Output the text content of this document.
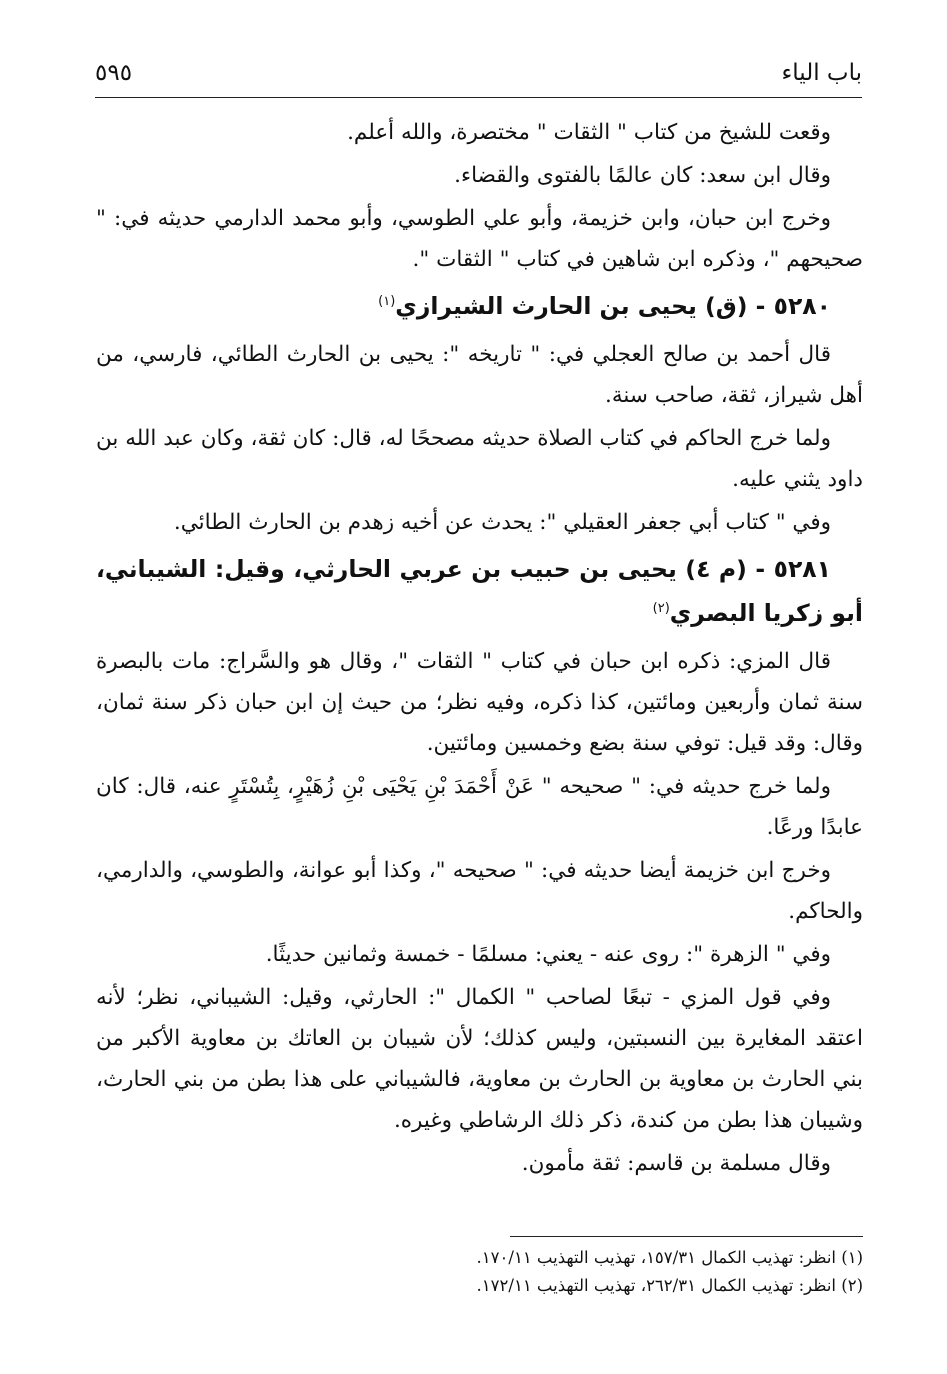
باب الياء
٥٩٥

وقعت للشيخ من كتاب " الثقات " مختصرة، والله أعلم.

وقال ابن سعد: كان عالمًا بالفتوى والقضاء.

وخرج ابن حبان، وابن خزيمة، وأبو علي الطوسي، وأبو محمد الدارمي حديثه في: " صحيحهم "، وذكره ابن شاهين في كتاب " الثقات ".

٥٢٨٠ - (ق) يحيى بن الحارث الشيرازي$^{(١)}$

قال أحمد بن صالح العجلي في: " تاريخه ": يحيى بن الحارث الطائي، فارسي، من أهل شيراز، ثقة، صاحب سنة.

ولما خرج الحاكم في كتاب الصلاة حديثه مصححًا له، قال: كان ثقة، وكان عبد الله بن داود يثني عليه.

وفي " كتاب أبي جعفر العقيلي ": يحدث عن أخيه زهدم بن الحارث الطائي.

٥٢٨١ - (م ٤) يحيى بن حبيب بن عربي الحارثي، وقيل: الشيباني، أبو زكريا البصري$^{(٢)}$

قال المزي: ذكره ابن حبان في كتاب " الثقات "، وقال هو والسَّراج: مات بالبصرة سنة ثمان وأربعين ومائتين، كذا ذكره، وفيه نظر؛ من حيث إن ابن حبان ذكر سنة ثمان، وقال: وقد قيل: توفي سنة بضع وخمسين ومائتين.

ولما خرج حديثه في: " صحيحه " عَنْ أَحْمَدَ بْنِ يَحْيَى بْنِ زُهَيْرٍ، بِتُسْتَرٍ عنه، قال: كان عابدًا ورعًا.

وخرج ابن خزيمة أيضا حديثه في: " صحيحه "، وكذا أبو عوانة، والطوسي، والدارمي، والحاكم.

وفي " الزهرة ": روى عنه - يعني: مسلمًا - خمسة وثمانين حديثًا.

وفي قول المزي - تبعًا لصاحب " الكمال ": الحارثي، وقيل: الشيباني، نظر؛ لأنه اعتقد المغايرة بين النسبتين، وليس كذلك؛ لأن شيبان بن العاتك بن معاوية الأكبر من بني الحارث بن معاوية بن الحارث بن معاوية، فالشيباني على هذا بطن من بني الحارث، وشيبان هذا بطن من كندة، ذكر ذلك الرشاطي وغيره.

وقال مسلمة بن قاسم: ثقة مأمون.

(١) انظر: تهذيب الكمال ٣١/‏١٥٧، تهذيب التهذيب ١١/‏١٧٠.

(٢) انظر: تهذيب الكمال ٣١/‏٢٦٢، تهذيب التهذيب ١١/‏١٧٢.
